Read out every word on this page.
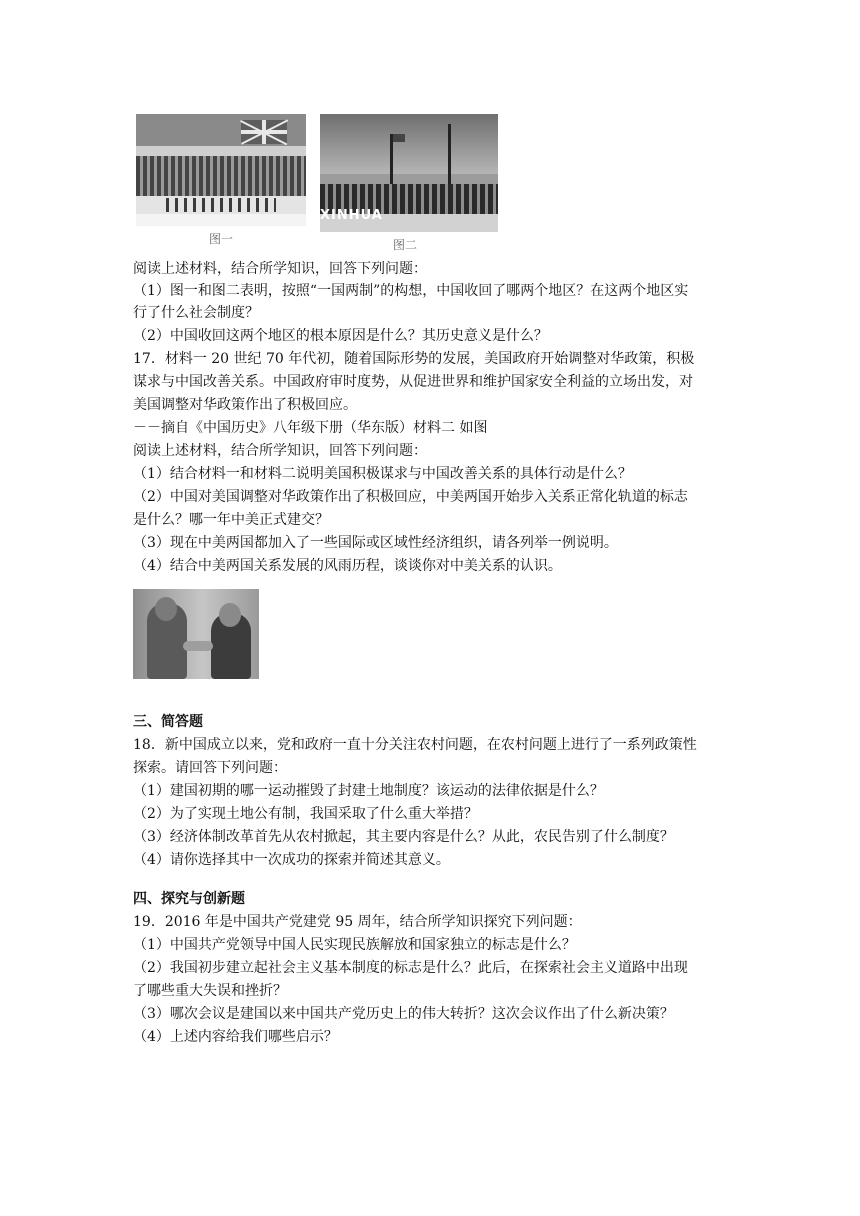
图一
XINHUA
图二
阅读上述材料，结合所学知识，回答下列问题：
（1）图一和图二表明，按照“一国两制”的构想，中国收回了哪两个地区？在这两个地区实
行了什么社会制度？
（2）中国收回这两个地区的根本原因是什么？其历史意义是什么？
17．材料一 20 世纪 70 年代初，随着国际形势的发展，美国政府开始调整对华政策，积极
谋求与中国改善关系。中国政府审时度势，从促进世界和维护国家安全利益的立场出发，对
美国调整对华政策作出了积极回应。
－－摘自《中国历史》八年级下册（华东版）材料二 如图
阅读上述材料，结合所学知识，回答下列问题：
（1）结合材料一和材料二说明美国积极谋求与中国改善关系的具体行动是什么？
（2）中国对美国调整对华政策作出了积极回应，中美两国开始步入关系正常化轨道的标志
是什么？哪一年中美正式建交？
（3）现在中美两国都加入了一些国际或区域性经济组织，请各列举一例说明。
（4）结合中美两国关系发展的风雨历程，谈谈你对中美关系的认识。
三、简答题
18．新中国成立以来，党和政府一直十分关注农村问题，在农村问题上进行了一系列政策性
探索。请回答下列问题：
（1）建国初期的哪一运动摧毁了封建土地制度？该运动的法律依据是什么？
（2）为了实现土地公有制，我国采取了什么重大举措？
（3）经济体制改革首先从农村掀起，其主要内容是什么？从此，农民告别了什么制度？
（4）请你选择其中一次成功的探索并简述其意义。
四、探究与创新题
19．2016 年是中国共产党建党 95 周年，结合所学知识探究下列问题：
（1）中国共产党领导中国人民实现民族解放和国家独立的标志是什么？
（2）我国初步建立起社会主义基本制度的标志是什么？此后，在探索社会主义道路中出现
了哪些重大失误和挫折？
（3）哪次会议是建国以来中国共产党历史上的伟大转折？这次会议作出了什么新决策？
（4）上述内容给我们哪些启示？
